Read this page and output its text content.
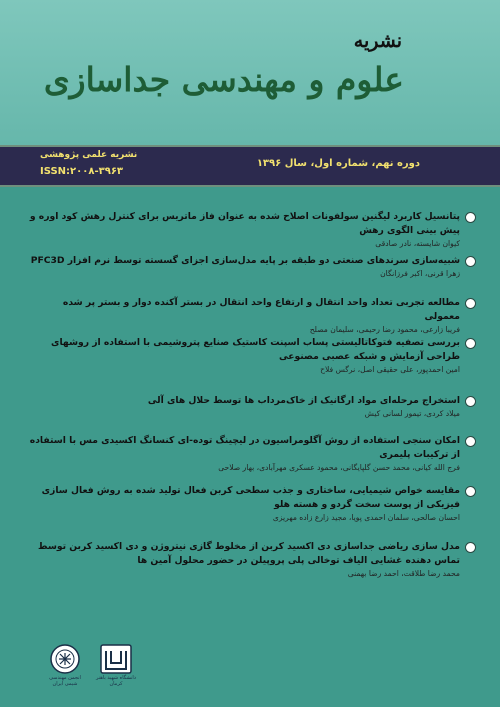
نشریه
علوم و مهندسی جداسازی
دوره نهم، شماره اول، سال ۱۳۹۶
نشریه علمی پژوهشی
ISSN:۲۰۰۸-۳۹۶۳
پتانسیل کاربرد لیگنین سولفونات اصلاح شده به عنوان فاز ماتریس برای کنترل رهش کود اوره و پیش بینی الگوی رهش
کیوان شایسته، نادر صادقی
شبیه‌سازی سرندهای صنعتی دو طبقه بر پایه مدل‌سازی اجزای گسسته توسط نرم افزار PFC3D
زهرا قرنی، اکبر فرزانگان
مطالعه تجربی تعداد واحد انتقال و ارتفاع واحد انتقال در بستر آکنده دوار و بستر پر شده معمولی
فریبا زارعی، محمود رضا رحیمی، سلیمان مصلح
بررسی تصفیه فتوکاتالیستی پساب اسپنت کاستیک صنایع پتروشیمی با استفاده از روشهای طراحی آزمایش و شبکه عصبی مصنوعی
امین احمدپور، علی حقیقی اصل، نرگس فلاح
استخراج مرحله‌ای مواد ارگانیک از خاک‌مرداب ها توسط حلال های آلی
میلاد کردی، تیمور لسانی کیش
امکان سنجی استفاده از روش آگلومراسیون در لیچینگ توده-ای کنسانگ اکسیدی مس با استفاده از ترکیبات پلیمری
فرج الله کیانی، محمد حسن گلپایگانی، محمود عسکری مهرآبادی، بهار صلاحی
مقایسه خواص شیمیایی، ساختاری و جذب سطحی کربن فعال تولید شده به روش فعال سازی فیزیکی از پوست سخت گردو و هسته هلو
احسان صالحی، سلمان احمدی پویا، مجید زارع زاده مهریزی
مدل سازی ریاضی جداسازی دی اکسید کربن از مخلوط گازی نیتروژن و دی اکسید کربن توسط تماس دهنده غشایی الیاف توخالی پلی پروپیلن در حضور محلول آمین ها
محمد رضا طلاقت، احمد رضا بهمنی
انجمن مهندسی شیمی ایران
دانشگاه شهید باهنر کرمان
